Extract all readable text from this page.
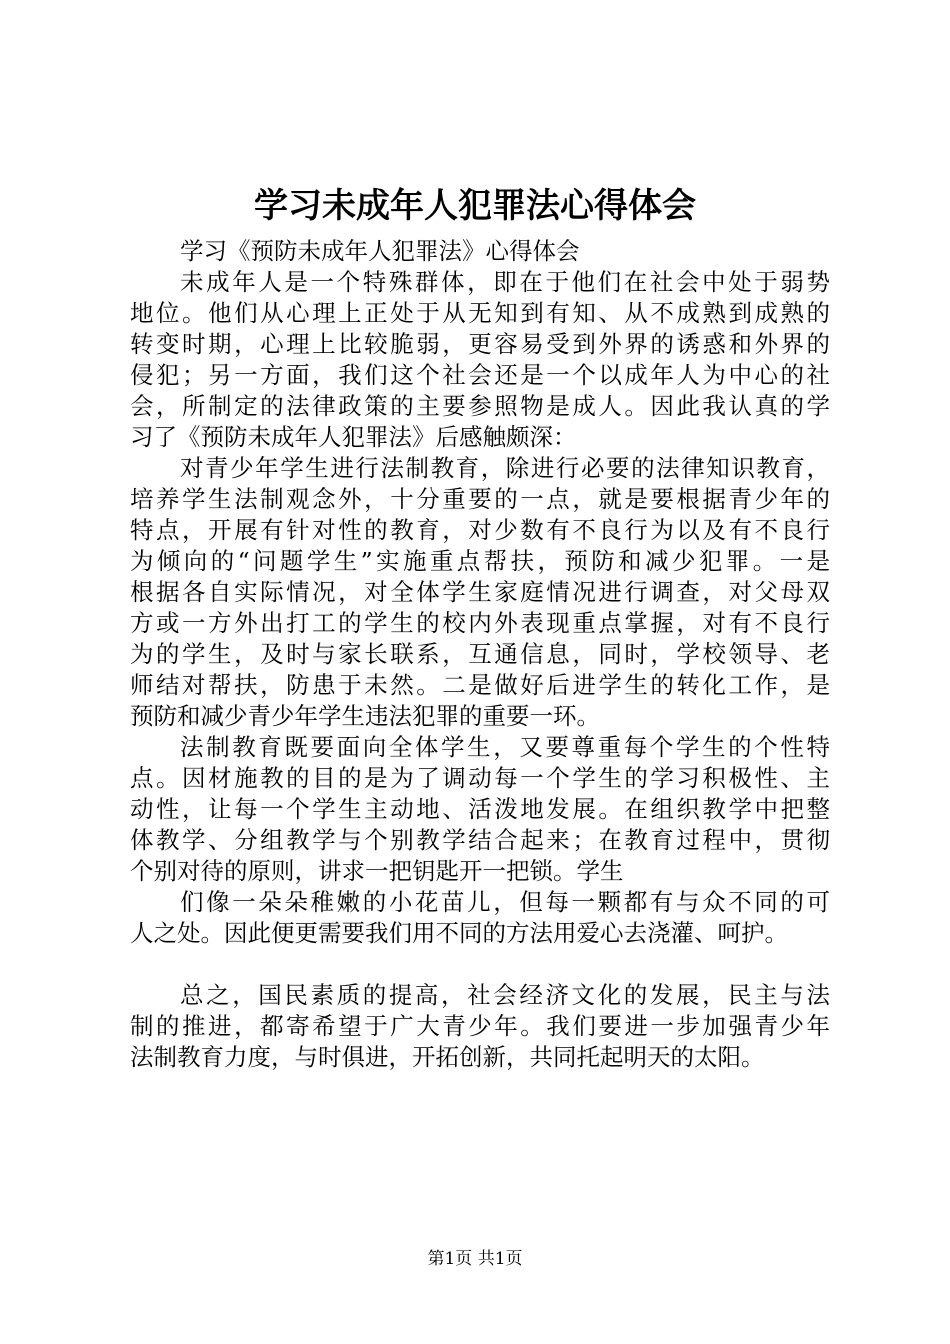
学习未成年人犯罪法心得体会

学习《预防未成年人犯罪法》心得体会

未成年人是一个特殊群体，即在于他们在社会中处于弱势
地位。他们从心理上正处于从无知到有知、从不成熟到成熟的
转变时期，心理上比较脆弱，更容易受到外界的诱惑和外界的
侵犯；另一方面，我们这个社会还是一个以成年人为中心的社
会，所制定的法律政策的主要参照物是成人。因此我认真的学
习了《预防未成年人犯罪法》后感触颇深：

对青少年学生进行法制教育，除进行必要的法律知识教育，
培养学生法制观念外，十分重要的一点，就是要根据青少年的
特点，开展有针对性的教育，对少数有不良行为以及有不良行
为倾向的“问题学生”实施重点帮扶，预防和减少犯罪。一是
根据各自实际情况，对全体学生家庭情况进行调查，对父母双
方或一方外出打工的学生的校内外表现重点掌握，对有不良行
为的学生，及时与家长联系，互通信息，同时，学校领导、老
师结对帮扶，防患于未然。二是做好后进学生的转化工作，是
预防和减少青少年学生违法犯罪的重要一环。

法制教育既要面向全体学生，又要尊重每个学生的个性特
点。因材施教的目的是为了调动每一个学生的学习积极性、主
动性，让每一个学生主动地、活泼地发展。在组织教学中把整
体教学、分组教学与个别教学结合起来；在教育过程中，贯彻
个别对待的原则，讲求一把钥匙开一把锁。学生

们像一朵朵稚嫩的小花苗儿，但每一颗都有与众不同的可
人之处。因此便更需要我们用不同的方法用爱心去浇灌、呵护。

总之，国民素质的提高，社会经济文化的发展，民主与法
制的推进，都寄希望于广大青少年。我们要进一步加强青少年
法制教育力度，与时俱进，开拓创新，共同托起明天的太阳。

第1页 共1页
